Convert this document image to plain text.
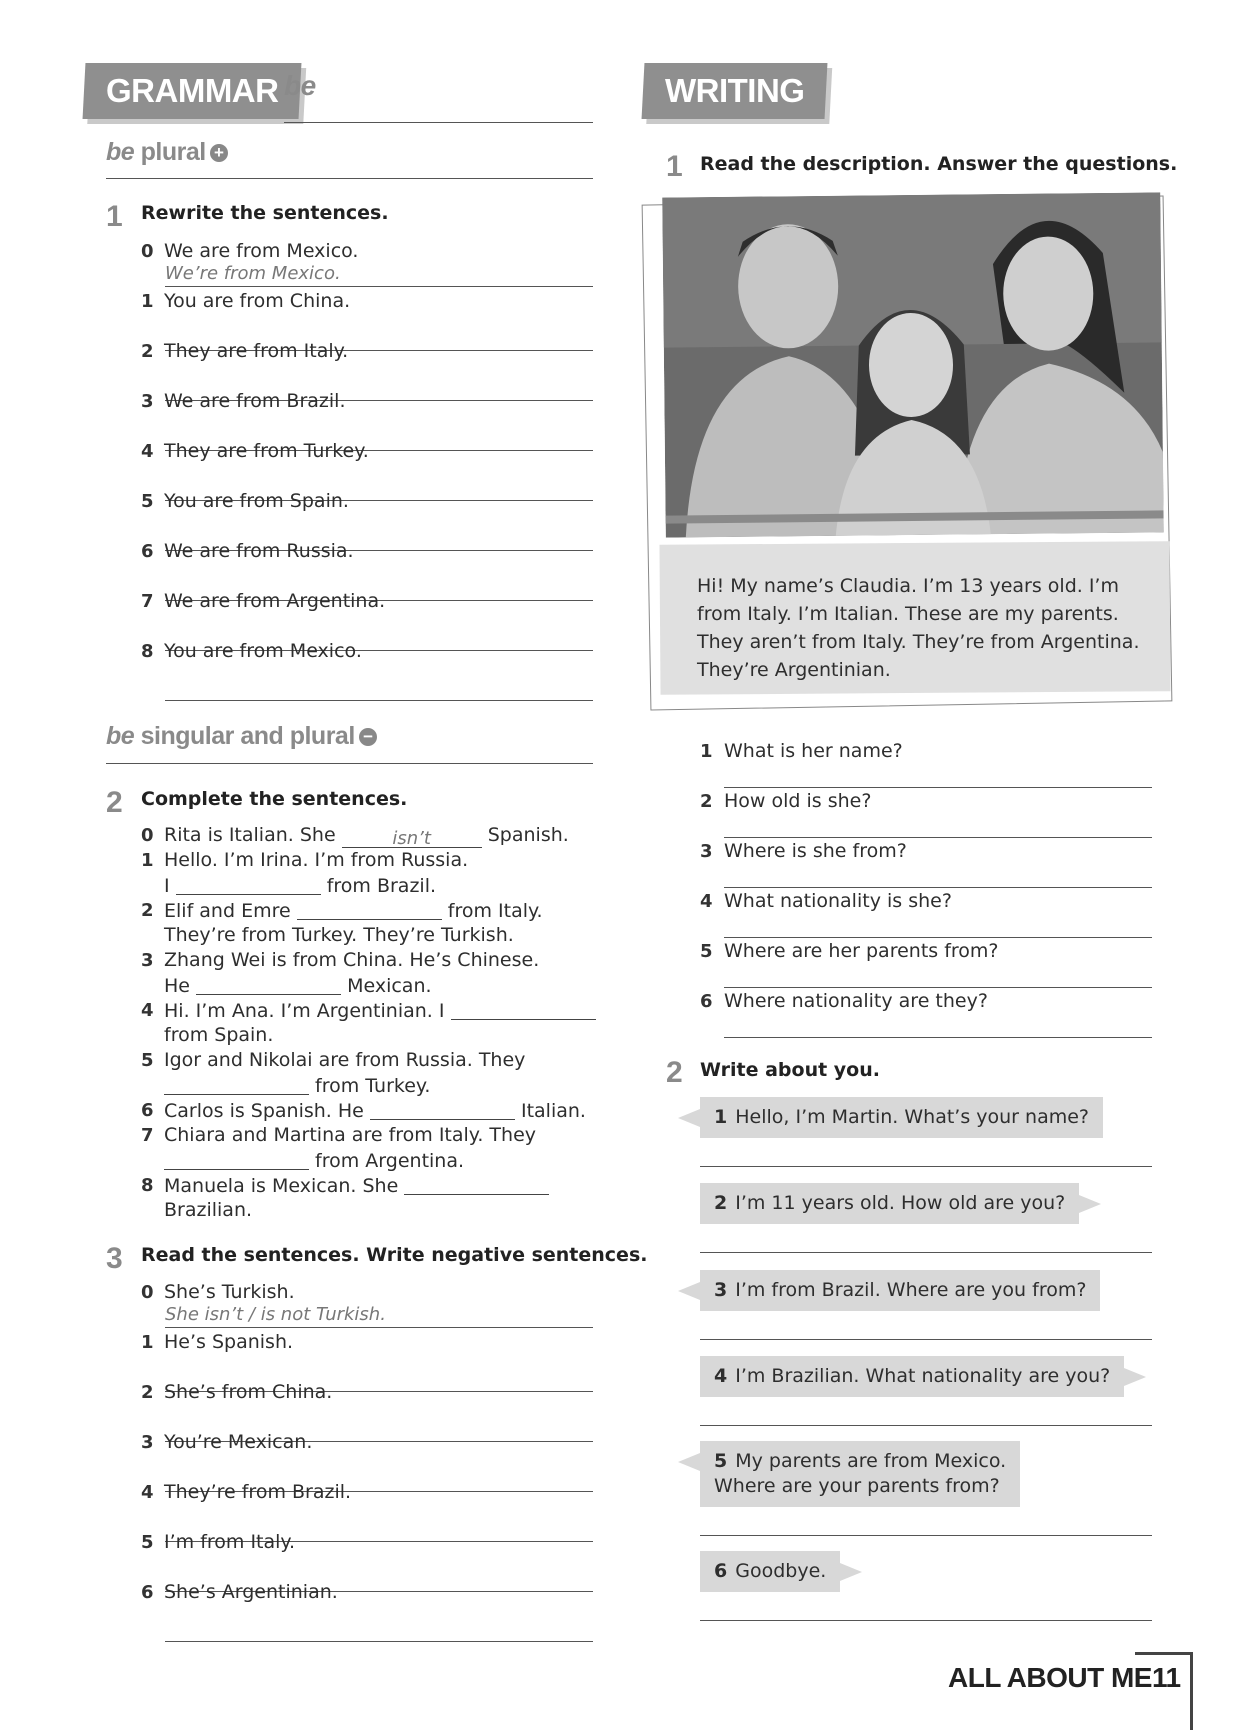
GRAMMAR be
be plural +
1 Rewrite the sentences.
0 We are from Mexico.
We’re from Mexico.
1 You are from China.
2 They are from Italy.
3 We are from Brazil.
4 They are from Turkey.
5 You are from Spain.
6 We are from Russia.
7 We are from Argentina.
8 You are from Mexico.
be singular and plural −
2 Complete the sentences.
0 Rita is Italian. She	isn’t	Spanish.
1 Hello. I’m Irina. I’m from Russia.
I	from Brazil.
2 Elif and Emre	from Italy.
They’re from Turkey. They’re Turkish.
3 Zhang Wei is from China. He’s Chinese.
He	Mexican.
4 Hi. I’m Ana. I’m Argentinian. I
from Spain.
5 Igor and Nikolai are from Russia. They
from Turkey.
6 Carlos is Spanish. He	Italian.
7 Chiara and Martina are from Italy. They
from Argentina.
8 Manuela is Mexican. She
Brazilian.
3 Read the sentences. Write negative sentences.
0 She’s Turkish.
She isn’t / is not Turkish.
1 He’s Spanish.
2 She’s from China.
3 You’re Mexican.
4 They’re from Brazil.
5 I’m from Italy.
6 She’s Argentinian.
WRITING
1 Read the description. Answer the questions.
Hi! My name’s Claudia. I’m 13 years old. I’m
from Italy. I’m Italian. These are my parents.
They aren’t from Italy. They’re from Argentina.
They’re Argentinian.
1 What is her name?
2 How old is she?
3 Where is she from?
4 What nationality is she?
5 Where are her parents from?
6 Where nationality are they?
2 Write about you.
1 Hello, I’m Martin. What’s your name?
2 I’m 11 years old. How old are you?
3 I’m from Brazil. Where are you from?
4 I’m Brazilian. What nationality are you?
5 My parents are from Mexico.
Where are your parents from?
6 Goodbye.
ALL ABOUT ME 11
